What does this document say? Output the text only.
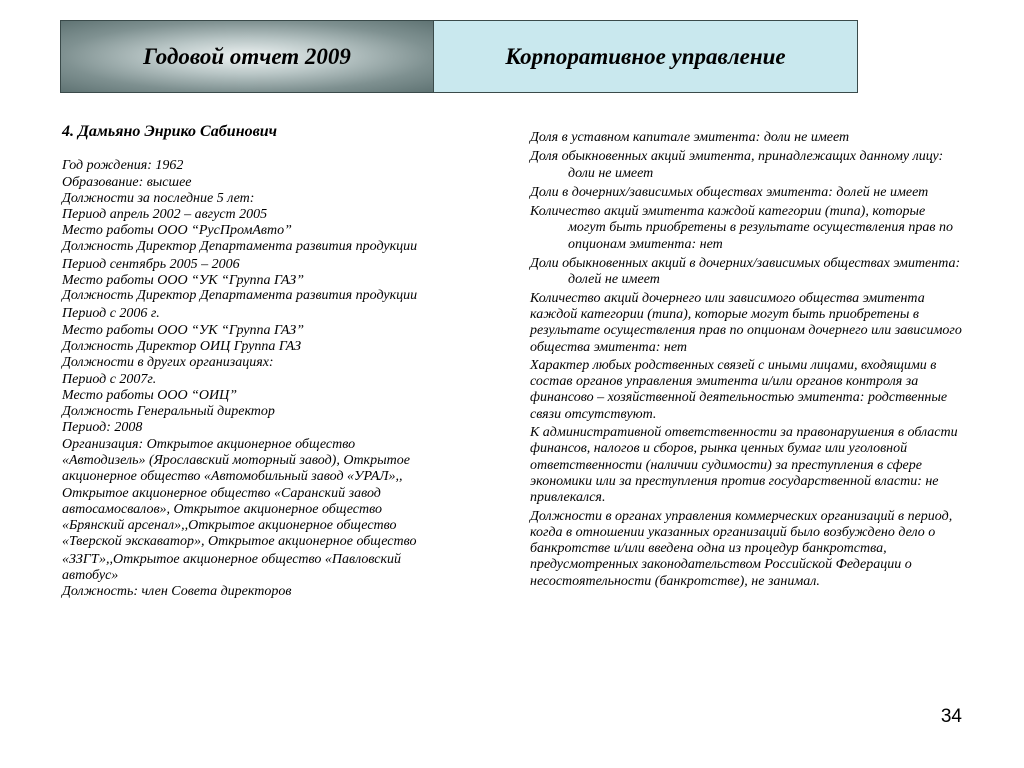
Годовой отчет 2009	Корпоративное управление
4. Дамьяно Энрико Сабинович
Год рождения: 1962
Образование: высшее
Должности за последние 5 лет:
Период апрель 2002 – август 2005
Место работы ООО “РусПромАвто”
Должность Директор Департамента развития продукции
Период сентябрь 2005 – 2006
Место работы ООО “УК “Группа ГАЗ”
Должность Директор Департамента развития продукции
Период с 2006 г.
Место работы ООО “УК “Группа ГАЗ”
Должность Директор ОИЦ Группа ГАЗ
Должности в других организациях:
Период с 2007г.
Место работы ООО “ОИЦ”
Должность Генеральный директор
Период: 2008
Организация: Открытое акционерное общество
«Автодизель» (Ярославский моторный завод), Открытое
акционерное общество «Автомобильный завод «УРАЛ»,,
Открытое акционерное общество «Саранский завод
автосамосвалов», Открытое акционерное общество
«Брянский арсенал»,,Открытое акционерное общество
«Тверской экскаватор», Открытое акционерное общество
«ЗЗГТ»,,Открытое акционерное общество «Павловский
автобус»
Должность: член Совета директоров
Доля в уставном капитале эмитента: доли не имеет
Доля обыкновенных акций эмитента, принадлежащих данному лицу: доли не имеет
Доли в дочерних/зависимых обществах эмитента: долей не имеет
Количество акций эмитента каждой категории (типа), которые могут быть приобретены в результате осуществления прав по опционам эмитента: нет
Доли обыкновенных акций в дочерних/зависимых обществах эмитента: долей не имеет
Количество акций дочернего или зависимого общества эмитента каждой категории (типа), которые могут быть приобретены в результате осуществления прав по опционам дочернего или зависимого общества эмитента: нет
Характер любых родственных связей с иными лицами, входящими в состав органов управления эмитента и/или органов контроля за финансово – хозяйственной деятельностью эмитента: родственные связи отсутствуют.
К административной ответственности за правонарушения в области финансов, налогов и сборов, рынка ценных бумаг или уголовной ответственности (наличии судимости) за преступления в сфере экономики или за преступления против государственной власти: не привлекался.
Должности в органах управления коммерческих организаций в период, когда в отношении указанных организаций было возбуждено дело о банкротстве и/или введена одна из процедур банкротства, предусмотренных законодательством Российской Федерации о несостоятельности (банкротстве), не занимал.
34
